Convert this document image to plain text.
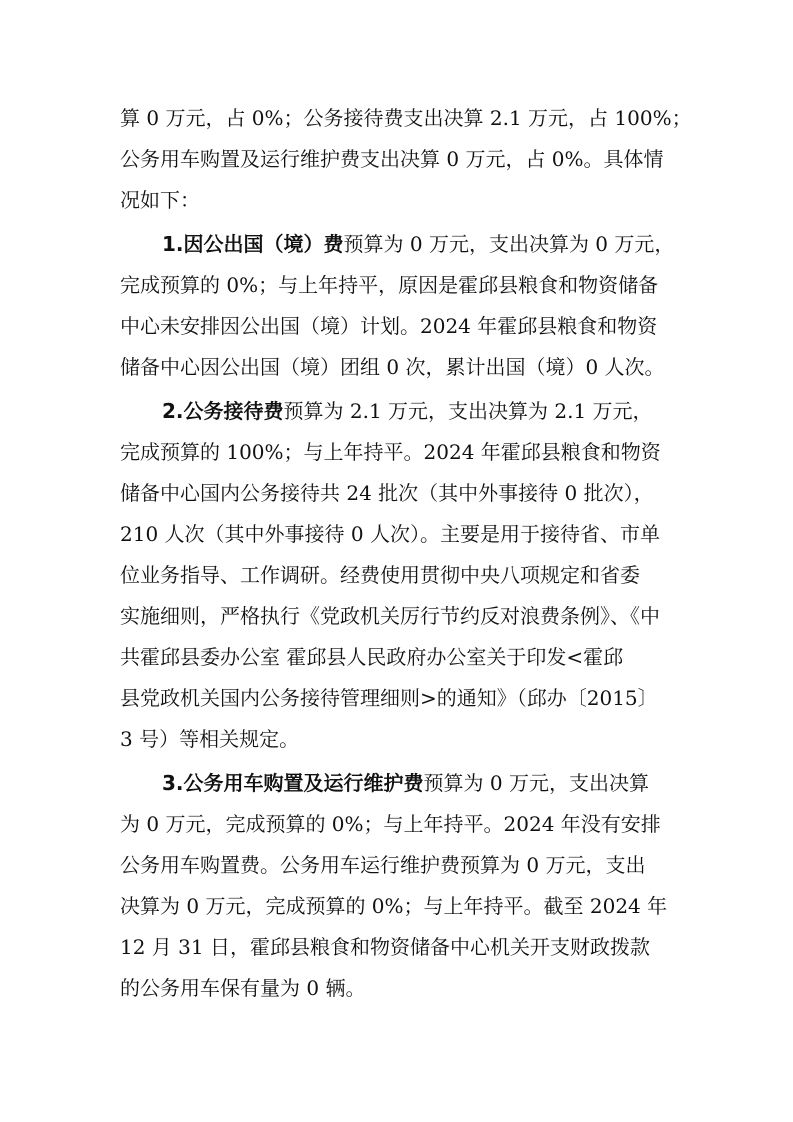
算 0 万元，占 0%；公务接待费支出决算 2.1 万元，占 100%；
公务用车购置及运行维护费支出决算 0 万元，占 0%。具体情
况如下：
1.因公出国（境）费预算为 0 万元，支出决算为 0 万元，
完成预算的 0%；与上年持平，原因是霍邱县粮食和物资储备
中心未安排因公出国（境）计划。2024 年霍邱县粮食和物资
储备中心因公出国（境）团组 0 次，累计出国（境）0 人次。
2.公务接待费预算为 2.1 万元，支出决算为 2.1 万元，
完成预算的 100%；与上年持平。2024 年霍邱县粮食和物资
储备中心国内公务接待共 24 批次（其中外事接待 0 批次），
210 人次（其中外事接待 0 人次）。主要是用于接待省、市单
位业务指导、工作调研。经费使用贯彻中央八项规定和省委
实施细则，严格执行《党政机关厉行节约反对浪费条例》、《中
共霍邱县委办公室 霍邱县人民政府办公室关于印发<霍邱
县党政机关国内公务接待管理细则>的通知》（邱办〔2015〕
3 号）等相关规定。
3.公务用车购置及运行维护费预算为 0 万元，支出决算
为 0 万元，完成预算的 0%；与上年持平。2024 年没有安排
公务用车购置费。公务用车运行维护费预算为 0 万元，支出
决算为 0 万元，完成预算的 0%；与上年持平。截至 2024 年
12 月 31 日，霍邱县粮食和物资储备中心机关开支财政拨款
的公务用车保有量为 0 辆。
